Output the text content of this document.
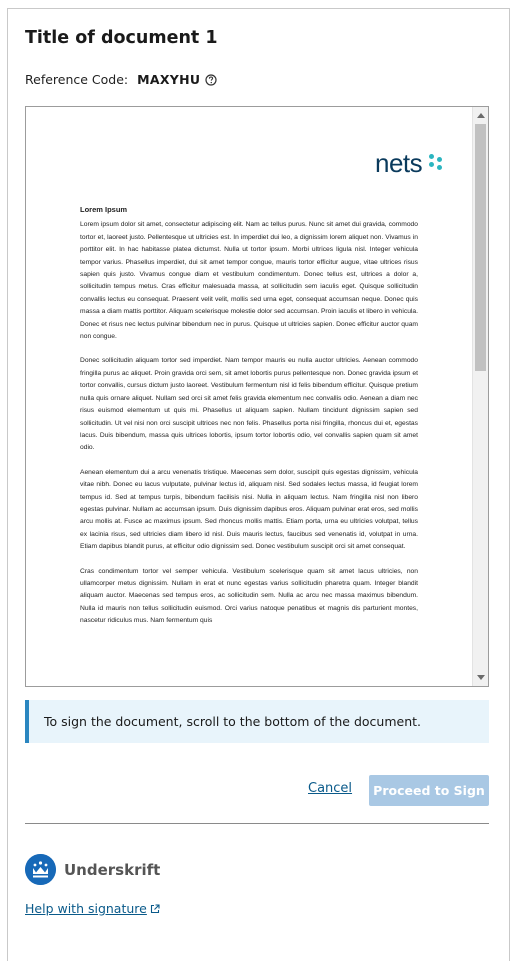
Title of document 1
Reference Code: MAXYHU
nets
Lorem Ipsum

Lorem ipsum dolor sit amet, consectetur adipiscing elit. Nam ac tellus purus. Nunc sit amet dui gravida, commodo tortor et, laoreet justo. Pellentesque ut ultricies est. In imperdiet dui leo, a dignissim lorem aliquet non. Vivamus in porttitor elit. In hac habitasse platea dictumst. Nulla ut tortor ipsum. Morbi ultrices ligula nisl. Integer vehicula tempor varius. Phasellus imperdiet, dui sit amet tempor congue, mauris tortor efficitur augue, vitae ultrices risus sapien quis justo. Vivamus congue diam et vestibulum condimentum. Donec tellus est, ultrices a dolor a, sollicitudin tempus metus. Cras efficitur malesuada massa, at sollicitudin sem iaculis eget. Quisque sollicitudin convallis lectus eu consequat. Praesent velit velit, mollis sed urna eget, consequat accumsan neque. Donec quis massa a diam mattis porttitor. Aliquam scelerisque molestie dolor sed accumsan. Proin iaculis et libero in vehicula. Donec et risus nec lectus pulvinar bibendum nec in purus. Quisque ut ultricies sapien. Donec efficitur auctor quam non congue.

Donec sollicitudin aliquam tortor sed imperdiet. Nam tempor mauris eu nulla auctor ultricies. Aenean commodo fringilla purus ac aliquet. Proin gravida orci sem, sit amet lobortis purus pellentesque non. Donec gravida ipsum et tortor convallis, cursus dictum justo laoreet. Vestibulum fermentum nisl id felis bibendum efficitur. Quisque pretium nulla quis ornare aliquet. Nullam sed orci sit amet felis gravida elementum nec convallis odio. Aenean a diam nec risus euismod elementum ut quis mi. Phasellus ut aliquam sapien. Nullam tincidunt dignissim sapien sed sollicitudin. Ut vel nisi non orci suscipit ultrices nec non felis. Phasellus porta nisi fringilla, rhoncus dui et, egestas lacus. Duis bibendum, massa quis ultrices lobortis, ipsum tortor lobortis odio, vel convallis sapien quam sit amet odio.

Aenean elementum dui a arcu venenatis tristique. Maecenas sem dolor, suscipit quis egestas dignissim, vehicula vitae nibh. Donec eu lacus vulputate, pulvinar lectus id, aliquam nisl. Sed sodales lectus massa, id feugiat lorem tempus id. Sed at tempus turpis, bibendum facilisis nisi. Nulla in aliquam lectus. Nam fringilla nisl non libero egestas pulvinar. Nullam ac accumsan ipsum. Duis dignissim dapibus eros. Aliquam pulvinar erat eros, sed mollis arcu mollis at. Fusce ac maximus ipsum. Sed rhoncus mollis mattis. Etiam porta, urna eu ultricies volutpat, tellus ex lacinia risus, sed ultricies diam libero id nisl. Duis mauris lectus, faucibus sed venenatis id, volutpat in urna. Etiam dapibus blandit purus, at efficitur odio dignissim sed. Donec vestibulum suscipit orci sit amet consequat.

Cras condimentum tortor vel semper vehicula. Vestibulum scelerisque quam sit amet lacus ultricies, non ullamcorper metus dignissim. Nullam in erat et nunc egestas varius sollicitudin pharetra quam. Integer blandit aliquam auctor. Maecenas sed tempus eros, ac sollicitudin sem. Nulla ac arcu nec massa maximus bibendum. Nulla id mauris non tellus sollicitudin euismod. Orci varius natoque penatibus et magnis dis parturient montes, nascetur ridiculus mus. Nam fermentum quis

To sign the document, scroll to the bottom of the document.
Cancel	Proceed to Sign
Underskrift
Help with signature
